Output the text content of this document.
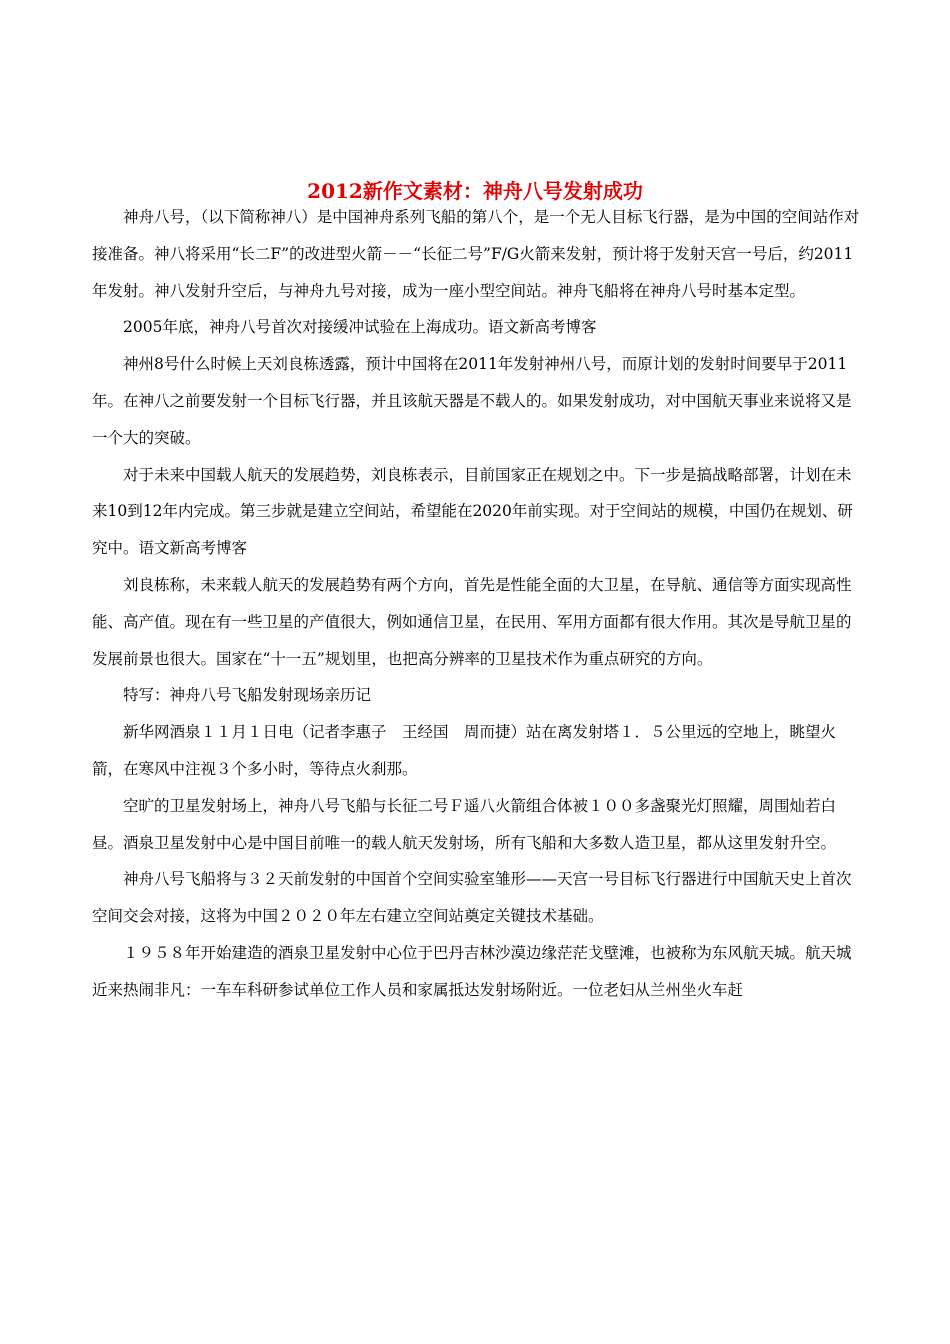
2012新作文素材：神舟八号发射成功

神舟八号，（以下简称神八）是中国神舟系列飞船的第八个，是一个无人目标飞行器，是为中国的空间站作对接准备。神八将采用“长二F”的改进型火箭－－“长征二号”F/G火箭来发射，预计将于发射天宫一号后，约2011年发射。神八发射升空后，与神舟九号对接，成为一座小型空间站。神舟飞船将在神舟八号时基本定型。

2005年底，神舟八号首次对接缓冲试验在上海成功。语文新高考博客

神州8号什么时候上天刘良栋透露，预计中国将在2011年发射神州八号，而原计划的发射时间要早于2011年。在神八之前要发射一个目标飞行器，并且该航天器是不载人的。如果发射成功，对中国航天事业来说将又是一个大的突破。

对于未来中国载人航天的发展趋势，刘良栋表示，目前国家正在规划之中。下一步是搞战略部署，计划在未来10到12年内完成。第三步就是建立空间站，希望能在2020年前实现。对于空间站的规模，中国仍在规划、研究中。语文新高考博客

刘良栋称，未来载人航天的发展趋势有两个方向，首先是性能全面的大卫星，在导航、通信等方面实现高性能、高产值。现在有一些卫星的产值很大，例如通信卫星，在民用、军用方面都有很大作用。其次是导航卫星的发展前景也很大。国家在“十一五”规划里，也把高分辨率的卫星技术作为重点研究的方向。

特写：神舟八号飞船发射现场亲历记

新华网酒泉１１月１日电（记者李惠子　王经国　周而捷）站在离发射塔１．５公里远的空地上，眺望火箭，在寒风中注视３个多小时，等待点火刹那。

空旷的卫星发射场上，神舟八号飞船与长征二号Ｆ遥八火箭组合体被１００多盏聚光灯照耀，周围灿若白昼。酒泉卫星发射中心是中国目前唯一的载人航天发射场，所有飞船和大多数人造卫星，都从这里发射升空。

神舟八号飞船将与３２天前发射的中国首个空间实验室雏形——天宫一号目标飞行器进行中国航天史上首次空间交会对接，这将为中国２０２０年左右建立空间站奠定关键技术基础。

１９５８年开始建造的酒泉卫星发射中心位于巴丹吉林沙漠边缘茫茫戈壁滩，也被称为东风航天城。航天城近来热闹非凡：一车车科研参试单位工作人员和家属抵达发射场附近。一位老妇从兰州坐火车赶
